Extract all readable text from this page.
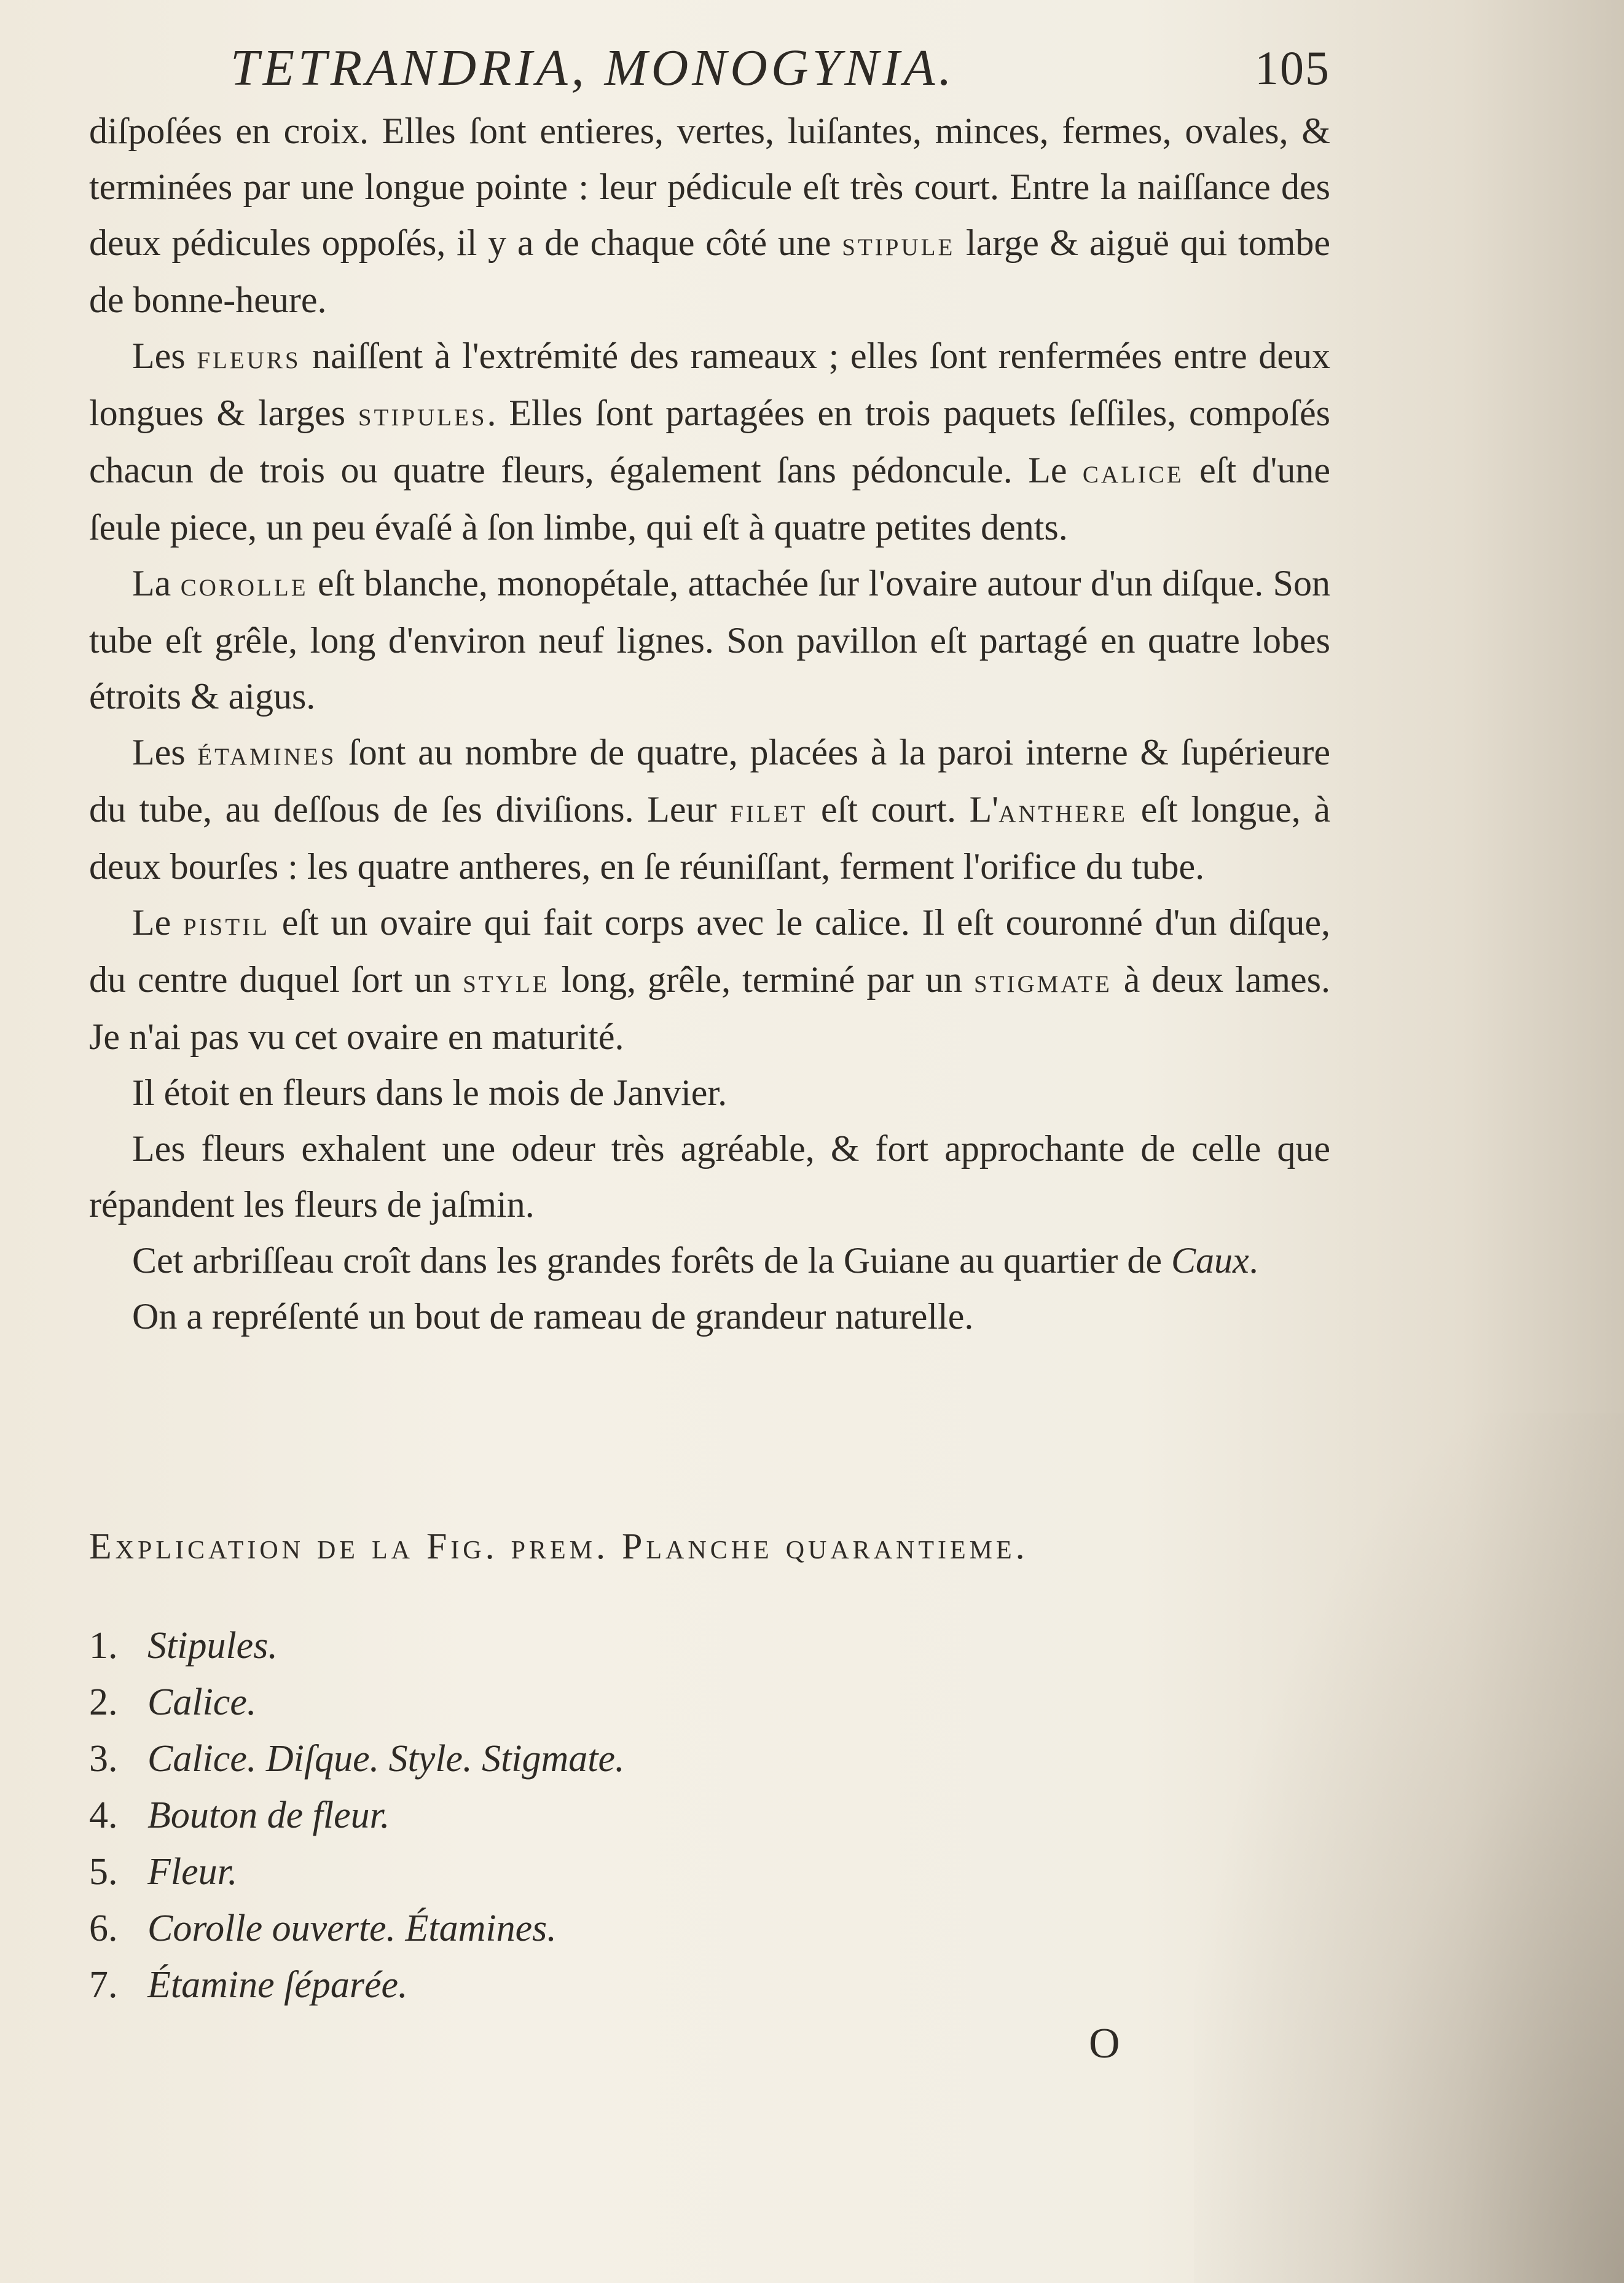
TETRANDRIA, MONOGYNIA.	105

diſpoſées en croix. Elles ſont entieres, vertes, luiſantes, minces, fermes, ovales, & terminées par une longue pointe : leur pédicule eſt très court. Entre la naiſſance des deux pédicules oppoſés, il y a de chaque côté une stipule large & aiguë qui tombe de bonne-heure.

Les fleurs naiſſent à l'extrémité des rameaux ; elles ſont renfermées entre deux longues & larges stipules. Elles ſont partagées en trois paquets ſeſſiles, compoſés chacun de trois ou quatre fleurs, également ſans pédoncule. Le calice eſt d'une ſeule piece, un peu évaſé à ſon limbe, qui eſt à quatre petites dents.

La corolle eſt blanche, monopétale, attachée ſur l'ovaire autour d'un diſque. Son tube eſt grêle, long d'environ neuf lignes. Son pavillon eſt partagé en quatre lobes étroits & aigus.

Les étamines ſont au nombre de quatre, placées à la paroi interne & ſupérieure du tube, au deſſous de ſes diviſions. Leur filet eſt court. L'anthere eſt longue, à deux bourſes : les quatre antheres, en ſe réuniſſant, ferment l'orifice du tube.

Le pistil eſt un ovaire qui fait corps avec le calice. Il eſt couronné d'un diſque, du centre duquel ſort un style long, grêle, terminé par un stigmate à deux lames. Je n'ai pas vu cet ovaire en maturité.

Il étoit en fleurs dans le mois de Janvier.

Les fleurs exhalent une odeur très agréable, & fort approchante de celle que répandent les fleurs de jaſmin.

Cet arbriſſeau croît dans les grandes forêts de la Guiane au quartier de Caux.

On a repréſenté un bout de rameau de grandeur naturelle.

Explication de la Fig. prem. Planche quarantieme.
1. Stipules.
2. Calice.
3. Calice. Diſque. Style. Stigmate.
4. Bouton de fleur.
5. Fleur.
6. Corolle ouverte. Étamines.
7. Étamine ſéparée.
O
